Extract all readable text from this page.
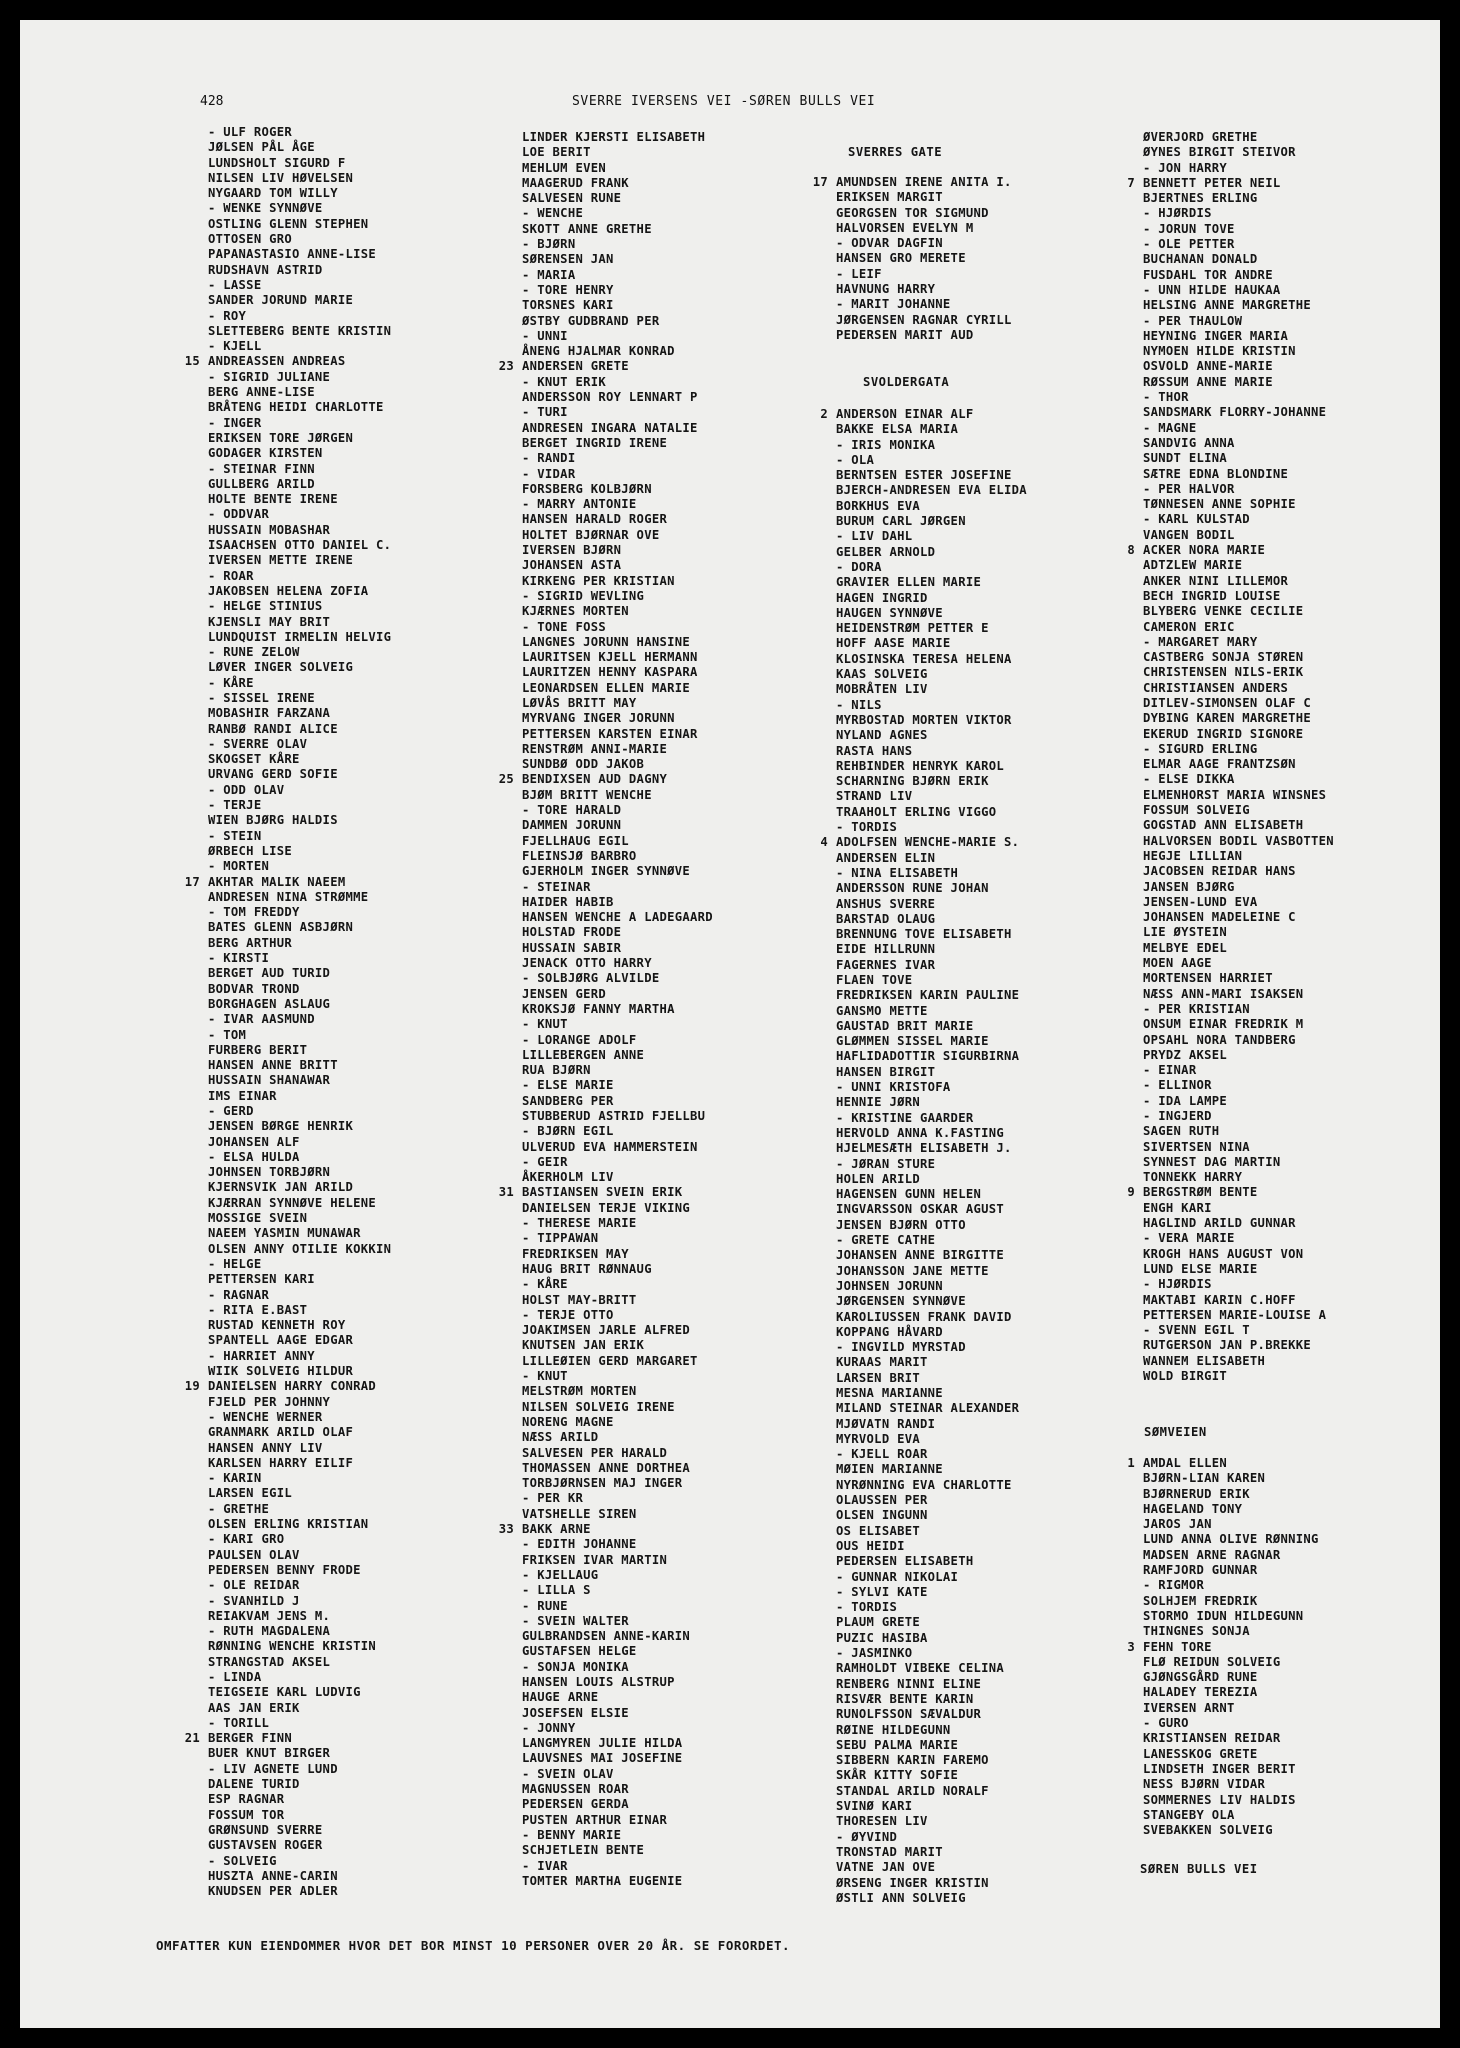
428	SVERRE IVERSENS VEI -SØREN BULLS VEI
- ULF ROGER
JØLSEN PÅL ÅGE
LUNDSHOLT SIGURD F
NILSEN LIV HØVELSEN
NYGAARD TOM WILLY
- WENKE SYNNØVE
OSTLING GLENN STEPHEN
OTTOSEN GRO
PAPANASTASIO ANNE-LISE
RUDSHAVN ASTRID
- LASSE
SANDER JORUND MARIE
- ROY
SLETTEBERG BENTE KRISTIN
- KJELL
15 ANDREASSEN ANDREAS
- SIGRID JULIANE
BERG ANNE-LISE
BRÅTENG HEIDI CHARLOTTE
- INGER
ERIKSEN TORE JØRGEN
GODAGER KIRSTEN
- STEINAR FINN
GULLBERG ARILD
HOLTE BENTE IRENE
- ODDVAR
HUSSAIN MOBASHAR
ISAACHSEN OTTO DANIEL C.
IVERSEN METTE IRENE
- ROAR
JAKOBSEN HELENA ZOFIA
- HELGE STINIUS
KJENSLI MAY BRIT
LUNDQUIST IRMELIN HELVIG
- RUNE ZELOW
LØVER INGER SOLVEIG
- KÅRE
- SISSEL IRENE
MOBASHIR FARZANA
RANBØ RANDI ALICE
- SVERRE OLAV
SKOGSET KÅRE
URVANG GERD SOFIE
- ODD OLAV
- TERJE
WIEN BJØRG HALDIS
- STEIN
ØRBECH LISE
- MORTEN
17 AKHTAR MALIK NAEEM
ANDRESEN NINA STRØMME
- TOM FREDDY
BATES GLENN ASBJØRN
BERG ARTHUR
- KIRSTI
BERGET AUD TURID
BODVAR TROND
BORGHAGEN ASLAUG
- IVAR AASMUND
- TOM
FURBERG BERIT
HANSEN ANNE BRITT
HUSSAIN SHANAWAR
IMS EINAR
- GERD
JENSEN BØRGE HENRIK
JOHANSEN ALF
- ELSA HULDA
JOHNSEN TORBJØRN
KJERNSVIK JAN ARILD
KJÆRRAN SYNNØVE HELENE
MOSSIGE SVEIN
NAEEM YASMIN MUNAWAR
OLSEN ANNY OTILIE KOKKIN
- HELGE
PETTERSEN KARI
- RAGNAR
- RITA E.BAST
RUSTAD KENNETH ROY
SPANTELL AAGE EDGAR
- HARRIET ANNY
WIIK SOLVEIG HILDUR
19 DANIELSEN HARRY CONRAD
FJELD PER JOHNNY
- WENCHE WERNER
GRANMARK ARILD OLAF
HANSEN ANNY LIV
KARLSEN HARRY EILIF
- KARIN
LARSEN EGIL
- GRETHE
OLSEN ERLING KRISTIAN
- KARI GRO
PAULSEN OLAV
PEDERSEN BENNY FRODE
- OLE REIDAR
- SVANHILD J
REIAKVAM JENS M.
- RUTH MAGDALENA
RØNNING WENCHE KRISTIN
STRANGSTAD AKSEL
- LINDA
TEIGSEIE KARL LUDVIG
AAS JAN ERIK
- TORILL
21 BERGER FINN
BUER KNUT BIRGER
- LIV AGNETE LUND
DALENE TURID
ESP RAGNAR
FOSSUM TOR
GRØNSUND SVERRE
GUSTAVSEN ROGER
- SOLVEIG
HUSZTA ANNE-CARIN
KNUDSEN PER ADLER
LINDER KJERSTI ELISABETH
LOE BERIT
MEHLUM EVEN
MAAGERUD FRANK
SALVESEN RUNE
- WENCHE
SKOTT ANNE GRETHE
- BJØRN
SØRENSEN JAN
- MARIA
- TORE HENRY
TORSNES KARI
ØSTBY GUDBRAND PER
- UNNI
ÅNENG HJALMAR KONRAD
23 ANDERSEN GRETE
- KNUT ERIK
ANDERSSON ROY LENNART P
- TURI
ANDRESEN INGARA NATALIE
BERGET INGRID IRENE
- RANDI
- VIDAR
FORSBERG KOLBJØRN
- MARRY ANTONIE
HANSEN HARALD ROGER
HOLTET BJØRNAR OVE
IVERSEN BJØRN
JOHANSEN ASTA
KIRKENG PER KRISTIAN
- SIGRID WEVLING
KJÆRNES MORTEN
- TONE FOSS
LANGNES JORUNN HANSINE
LAURITSEN KJELL HERMANN
LAURITZEN HENNY KASPARA
LEONARDSEN ELLEN MARIE
LØVÅS BRITT MAY
MYRVANG INGER JORUNN
PETTERSEN KARSTEN EINAR
RENSTRØM ANNI-MARIE
SUNDBØ ODD JAKOB
25 BENDIXSEN AUD DAGNY
BJØM BRITT WENCHE
- TORE HARALD
DAMMEN JORUNN
FJELLHAUG EGIL
FLEINSJØ BARBRO
GJERHOLM INGER SYNNØVE
- STEINAR
HAIDER HABIB
HANSEN WENCHE A LADEGAARD
HOLSTAD FRODE
HUSSAIN SABIR
JENACK OTTO HARRY
- SOLBJØRG ALVILDE
JENSEN GERD
KROKSJØ FANNY MARTHA
- KNUT
- LORANGE ADOLF
LILLEBERGEN ANNE
RUA BJØRN
- ELSE MARIE
SANDBERG PER
STUBBERUD ASTRID FJELLBU
- BJØRN EGIL
ULVERUD EVA HAMMERSTEIN
- GEIR
ÅKERHOLM LIV
31 BASTIANSEN SVEIN ERIK
DANIELSEN TERJE VIKING
- THERESE MARIE
- TIPPAWAN
FREDRIKSEN MAY
HAUG BRIT RØNNAUG
- KÅRE
HOLST MAY-BRITT
- TERJE OTTO
JOAKIMSEN JARLE ALFRED
KNUTSEN JAN ERIK
LILLEØIEN GERD MARGARET
- KNUT
MELSTRØM MORTEN
NILSEN SOLVEIG IRENE
NORENG MAGNE
NÆSS ARILD
SALVESEN PER HARALD
THOMASSEN ANNE DORTHEA
TORBJØRNSEN MAJ INGER
- PER KR
VATSHELLE SIREN
33 BAKK ARNE
- EDITH JOHANNE
FRIKSEN IVAR MARTIN
- KJELLAUG
- LILLA S
- RUNE
- SVEIN WALTER
GULBRANDSEN ANNE-KARIN
GUSTAFSEN HELGE
- SONJA MONIKA
HANSEN LOUIS ALSTRUP
HAUGE ARNE
JOSEFSEN ELSIE
- JONNY
LANGMYREN JULIE HILDA
LAUVSNES MAI JOSEFINE
- SVEIN OLAV
MAGNUSSEN ROAR
PEDERSEN GERDA
PUSTEN ARTHUR EINAR
- BENNY MARIE
SCHJETLEIN BENTE
- IVAR
TOMTER MARTHA EUGENIE
SVERRES GATE
17 AMUNDSEN IRENE ANITA I.
ERIKSEN MARGIT
GEORGSEN TOR SIGMUND
HALVORSEN EVELYN M
- ODVAR DAGFIN
HANSEN GRO MERETE
- LEIF
HAVNUNG HARRY
- MARIT JOHANNE
JØRGENSEN RAGNAR CYRILL
PEDERSEN MARIT AUD
SVOLDERGATA
2 ANDERSON EINAR ALF
BAKKE ELSA MARIA
- IRIS MONIKA
- OLA
BERNTSEN ESTER JOSEFINE
BJERCH-ANDRESEN EVA ELIDA
BORKHUS EVA
BURUM CARL JØRGEN
- LIV DAHL
GELBER ARNOLD
- DORA
GRAVIER ELLEN MARIE
HAGEN INGRID
HAUGEN SYNNØVE
HEIDENSTRØM PETTER E
HOFF AASE MARIE
KLOSINSKA TERESA HELENA
KAAS SOLVEIG
MOBRÅTEN LIV
- NILS
MYRBOSTAD MORTEN VIKTOR
NYLAND AGNES
RASTA HANS
REHBINDER HENRYK KAROL
SCHARNING BJØRN ERIK
STRAND LIV
TRAAHOLT ERLING VIGGO
- TORDIS
4 ADOLFSEN WENCHE-MARIE S.
ANDERSEN ELIN
- NINA ELISABETH
ANDERSSON RUNE JOHAN
ANSHUS SVERRE
BARSTAD OLAUG
BRENNUNG TOVE ELISABETH
EIDE HILLRUNN
FAGERNES IVAR
FLAEN TOVE
FREDRIKSEN KARIN PAULINE
GANSMO METTE
GAUSTAD BRIT MARIE
GLØMMEN SISSEL MARIE
HAFLIDADOTTIR SIGURBIRNA
HANSEN BIRGIT
- UNNI KRISTOFA
HENNIE JØRN
- KRISTINE GAARDER
HERVOLD ANNA K.FASTING
HJELMESÆTH ELISABETH J.
- JØRAN STURE
HOLEN ARILD
HAGENSEN GUNN HELEN
INGVARSSON OSKAR AGUST
JENSEN BJØRN OTTO
- GRETE CATHE
JOHANSEN ANNE BIRGITTE
JOHANSSON JANE METTE
JOHNSEN JORUNN
JØRGENSEN SYNNØVE
KAROLIUSSEN FRANK DAVID
KOPPANG HÅVARD
- INGVILD MYRSTAD
KURAAS MARIT
LARSEN BRIT
MESNA MARIANNE
MILAND STEINAR ALEXANDER
MJØVATN RANDI
MYRVOLD EVA
- KJELL ROAR
MØIEN MARIANNE
NYRØNNING EVA CHARLOTTE
OLAUSSEN PER
OLSEN INGUNN
OS ELISABET
OUS HEIDI
PEDERSEN ELISABETH
- GUNNAR NIKOLAI
- SYLVI KATE
- TORDIS
PLAUM GRETE
PUZIC HASIBA
- JASMINKO
RAMHOLDT VIBEKE CELINA
RENBERG NINNI ELINE
RISVÆR BENTE KARIN
RUNOLFSSON SÆVALDUR
RØINE HILDEGUNN
SEBU PALMA MARIE
SIBBERN KARIN FAREMO
SKÅR KITTY SOFIE
STANDAL ARILD NORALF
SVINØ KARI
THORESEN LIV
- ØYVIND
TRONSTAD MARIT
VATNE JAN OVE
ØRSENG INGER KRISTIN
ØSTLI ANN SOLVEIG
ØVERJORD GRETHE
ØYNES BIRGIT STEIVOR
- JON HARRY
7 BENNETT PETER NEIL
BJERTNES ERLING
- HJØRDIS
- JORUN TOVE
- OLE PETTER
BUCHANAN DONALD
FUSDAHL TOR ANDRE
- UNN HILDE HAUKAA
HELSING ANNE MARGRETHE
- PER THAULOW
HEYNING INGER MARIA
NYMOEN HILDE KRISTIN
OSVOLD ANNE-MARIE
RØSSUM ANNE MARIE
- THOR
SANDSMARK FLORRY-JOHANNE
- MAGNE
SANDVIG ANNA
SUNDT ELINA
SÆTRE EDNA BLONDINE
- PER HALVOR
TØNNESEN ANNE SOPHIE
- KARL KULSTAD
VANGEN BODIL
8 ACKER NORA MARIE
ADTZLEW MARIE
ANKER NINI LILLEMOR
BECH INGRID LOUISE
BLYBERG VENKE CECILIE
CAMERON ERIC
- MARGARET MARY
CASTBERG SONJA STØREN
CHRISTENSEN NILS-ERIK
CHRISTIANSEN ANDERS
DITLEV-SIMONSEN OLAF C
DYBING KAREN MARGRETHE
EKERUD INGRID SIGNORE
- SIGURD ERLING
ELMAR AAGE FRANTZSØN
- ELSE DIKKA
ELMENHORST MARIA WINSNES
FOSSUM SOLVEIG
GOGSTAD ANN ELISABETH
HALVORSEN BODIL VASBOTTEN
HEGJE LILLIAN
JACOBSEN REIDAR HANS
JANSEN BJØRG
JENSEN-LUND EVA
JOHANSEN MADELEINE C
LIE ØYSTEIN
MELBYE EDEL
MOEN AAGE
MORTENSEN HARRIET
NÆSS ANN-MARI ISAKSEN
- PER KRISTIAN
ONSUM EINAR FREDRIK M
OPSAHL NORA TANDBERG
PRYDZ AKSEL
- EINAR
- ELLINOR
- IDA LAMPE
- INGJERD
SAGEN RUTH
SIVERTSEN NINA
SYNNEST DAG MARTIN
TONNEKK HARRY
9 BERGSTRØM BENTE
ENGH KARI
HAGLIND ARILD GUNNAR
- VERA MARIE
KROGH HANS AUGUST VON
LUND ELSE MARIE
- HJØRDIS
MAKTABI KARIN C.HOFF
PETTERSEN MARIE-LOUISE A
- SVENN EGIL T
RUTGERSON JAN P.BREKKE
WANNEM ELISABETH
WOLD BIRGIT
SØMVEIEN
1 AMDAL ELLEN
BJØRN-LIAN KAREN
BJØRNERUD ERIK
HAGELAND TONY
JAROS JAN
LUND ANNA OLIVE RØNNING
MADSEN ARNE RAGNAR
RAMFJORD GUNNAR
- RIGMOR
SOLHJEM FREDRIK
STORMO IDUN HILDEGUNN
THINGNES SONJA
3 FEHN TORE
FLØ REIDUN SOLVEIG
GJØNGSGÅRD RUNE
HALADEY TEREZIA
IVERSEN ARNT
- GURO
KRISTIANSEN REIDAR
LANESSKOG GRETE
LINDSETH INGER BERIT
NESS BJØRN VIDAR
SOMMERNES LIV HALDIS
STANGEBY OLA
SVEBAKKEN SOLVEIG
SØREN BULLS VEI
OMFATTER KUN EIENDOMMER HVOR DET BOR MINST 10 PERSONER OVER 20 ÅR. SE FORORDET.
